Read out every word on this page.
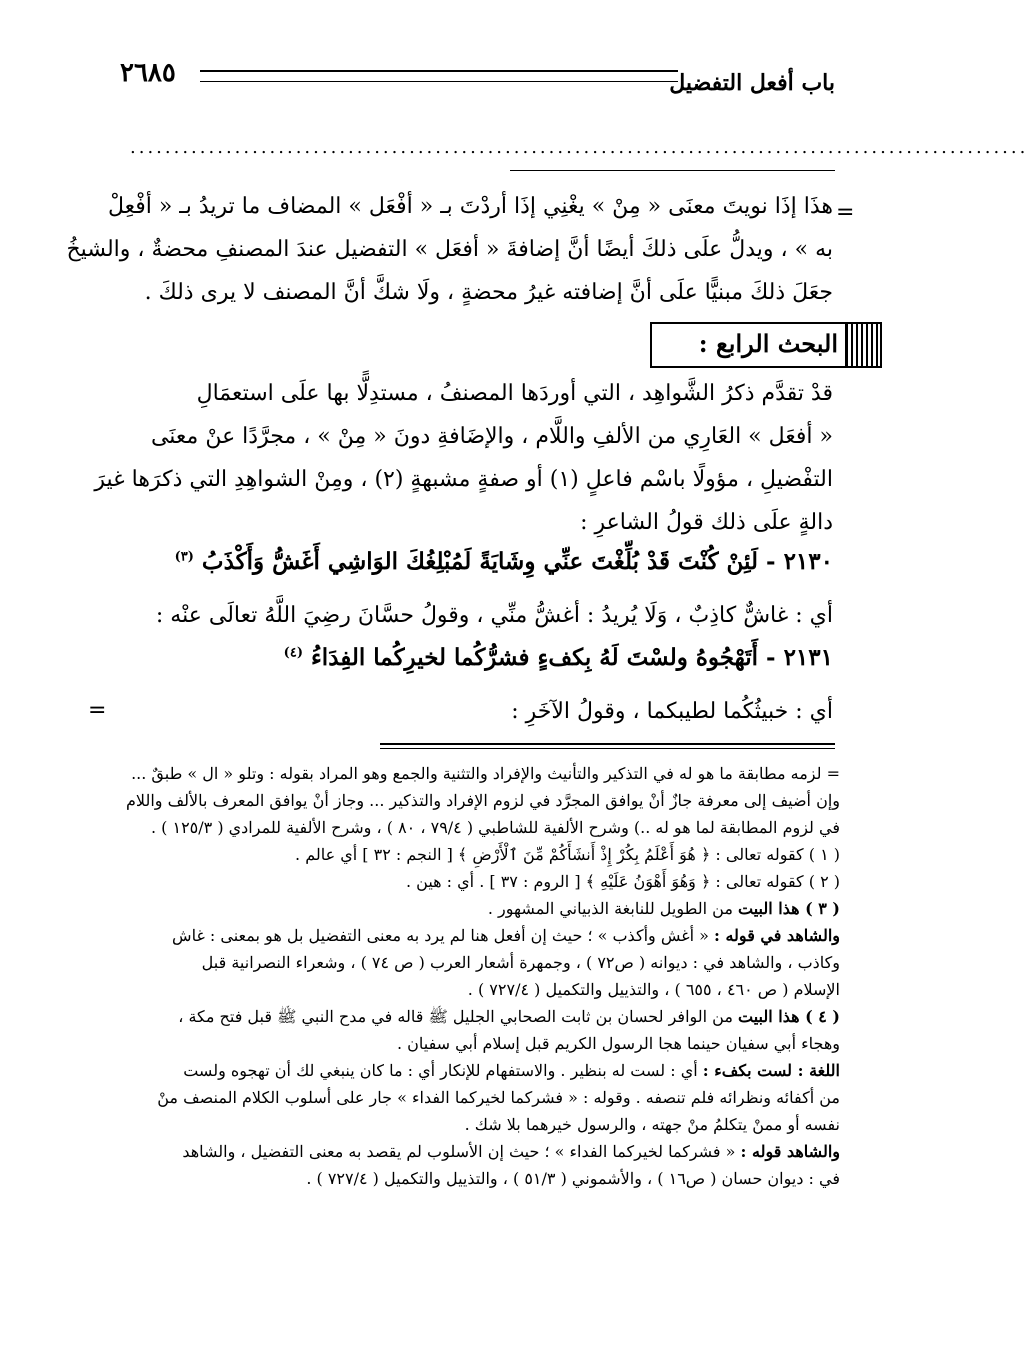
باب أفعل التفضيل
٢٦٨٥
.......................................................................................................
=
هذَا إذَا نويتَ معنَى « مِنْ » يغْنِي إذَا أردْتَ بـ « أفْعَل » المضاف ما تريدُ بـ « أفْعِلْ
به » ، ويدلُّ علَى ذلكَ أيضًا أنَّ إضافةَ « أفعَل » التفضيل عندَ المصنفِ محضةٌ ، والشيخُ
جعَلَ ذلكَ مبنيًّا علَى أنَّ إضافته غيرُ محضةٍ ، ولَا شكَّ أنَّ المصنف لا يرى ذلكَ .
البحث الرابع :
قدْ تقدَّم ذكرُ الشَّواهِد ، التي أوردَها المصنفُ ، مستدِلًّا بها علَى استعمَالِ
« أفعَل » العَارِي من الألفِ واللَّام ، والإضَافةِ دونَ « مِنْ » ، مجرَّدًا عنْ معنَى
التفْضيلِ ، مؤولًا باسْم فاعلٍ (١) أو صفةٍ مشبهةٍ (٢) ، ومِنْ الشواهِدِ التي ذكرَها غيرَ
دالةٍ علَى ذلك قولُ الشاعرِ :
٢١٣٠ - لَئِنْ كُنْتَ قَدْ بُلِّغْتَ عنِّي وِشَايَةً لَمُبْلِغُكَ الوَاشِي أَغَشُّ وَأَكْذَبُ $^{(٣)}$
أي : غاشٌّ كاذِبٌ ، وَلَا يُريدُ : أغشُّ منِّي ، وقولُ حسَّانَ رضِيَ اللَّهُ تعالَى عنْه :
٢١٣١ - أَتَهْجُوهُ ولسْتَ لَهُ بِكفءٍ فشرُّكُما لخيرِكُما الفِدَاءُ $^{(٤)}$
=	أي : خبيثُكُما لطيبكما ، وقولُ الآخَرِ :
= لزمه مطابقة ما هو له في التذكير والتأنيث والإفراد والتثنية والجمع وهو المراد بقوله : وتلو « ال » طبقٌ ...
وإن أضيف إلى معرفة جازٌ أنْ يوافق المجرَّد في لزوم الإفراد والتذكير ... وجاز أنْ يوافق المعرف بالألف واللام
في لزوم المطابقة لما هو له ..) وشرح الألفية للشاطبي ( ٧٩/٤ ، ٨٠ ) ، وشرح الألفية للمرادي ( ١٢٥/٣ ) .
( ١ ) كقوله تعالى : ﴿ هُوَ أَعْلَمُ بِكُرْ إِذْ أَنشَأَكُمْ مِّنَ ٱلْأَرْضِ ﴾ [ النجم : ٣٢ ] أي عالم .
( ٢ ) كقوله تعالى : ﴿ وَهُوَ أَهْوَنُ عَلَيْهِ ﴾ [ الروم : ٣٧ ] . أي : هين .
( ٣ ) هذا البيت من الطويل للنابغة الذبياني المشهور .
والشاهد في قوله : « أغش وأكذب » ؛ حيث إن أفعل هنا لم يرد به معنى التفضيل بل هو بمعنى : غاش
وكاذب ، والشاهد في : ديوانه ( ص٧٢ ) ، وجمهرة أشعار العرب ( ص ٧٤ ) ، وشعراء النصرانية قبل
الإسلام ( ص ٤٦٠ ، ٦٥٥ ) ، والتذييل والتكميل ( ٧٢٧/٤ ) .
( ٤ ) هذا البيت من الوافر لحسان بن ثابت الصحابي الجليل ﷺ قاله في مدح النبي ﷺ قبل فتح مكة ،
وهجاء أبي سفيان حينما هجا الرسول الكريم قبل إسلام أبي سفيان .
اللغة : لست بكفء : أي : لست له بنظير . والاستفهام للإنكار أي : ما كان ينبغي لك أن تهجوه ولست
من أكفائه ونظرائه فلم تنصفه . وقوله : « فشركما لخيركما الفداء » جار على أسلوب الكلام المنصف منْ
نفسه أو ممنْ يتكلمُ منْ جهته ، والرسول خيرهما بلا شك .
والشاهد قوله : « فشركما لخيركما الفداء » ؛ حيث إن الأسلوب لم يقصد به معنى التفضيل ، والشاهد
في : ديوان حسان ( ص١٦ ) ، والأشموني ( ٥١/٣ ) ، والتذييل والتكميل ( ٧٢٧/٤ ) .
